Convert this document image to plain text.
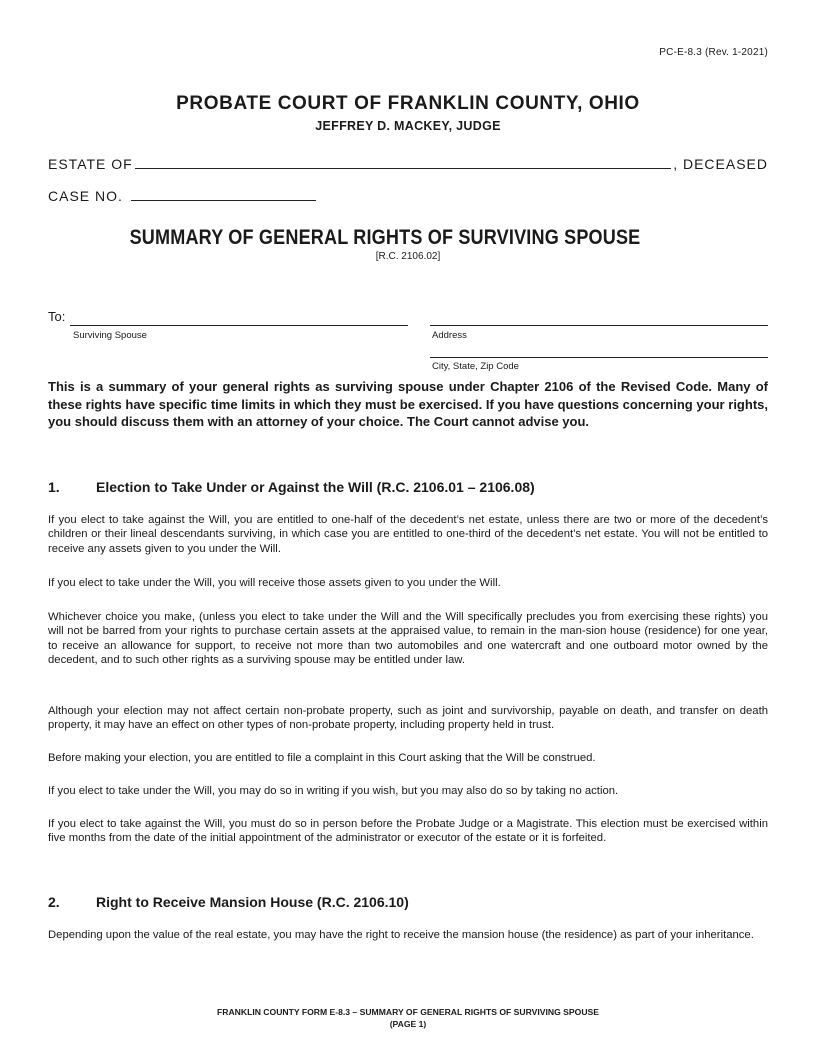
PC-E-8.3 (Rev. 1-2021)
PROBATE COURT OF FRANKLIN COUNTY, OHIO
JEFFREY D. MACKEY, JUDGE
ESTATE OF	, DECEASED
CASE NO.
SUMMARY OF GENERAL RIGHTS OF SURVIVING SPOUSE
[R.C. 2106.02]
To:
Surviving Spouse	Address
City, State, Zip Code
This is a summary of your general rights as surviving spouse under Chapter 2106 of the Revised Code. Many of these rights have specific time limits in which they must be exercised. If you have questions concerning your rights, you should discuss them with an attorney of your choice. The Court cannot advise you.
1.	Election to Take Under or Against the Will (R.C. 2106.01 – 2106.08)
If you elect to take against the Will, you are entitled to one-half of the decedent’s net estate, unless there are two or more of the decedent’s children or their lineal descendants surviving, in which case you are entitled to one-third of the decedent’s net estate. You will not be entitled to receive any assets given to you under the Will.
If you elect to take under the Will, you will receive those assets given to you under the Will.
Whichever choice you make, (unless you elect to take under the Will and the Will specifically precludes you from exercising these rights) you will not be barred from your rights to purchase certain assets at the appraised value, to remain in the man-sion house (residence) for one year, to receive an allowance for support, to receive not more than two automobiles and one watercraft and one outboard motor owned by the decedent, and to such other rights as a surviving spouse may be entitled under law.
Although your election may not affect certain non-probate property, such as joint and survivorship, payable on death, and transfer on death property, it may have an effect on other types of non-probate property, including property held in trust.
Before making your election, you are entitled to file a complaint in this Court asking that the Will be construed.
If you elect to take under the Will, you may do so in writing if you wish, but you may also do so by taking no action.
If you elect to take against the Will, you must do so in person before the Probate Judge or a Magistrate. This election must be exercised within five months from the date of the initial appointment of the administrator or executor of the estate or it is forfeited.
2.	Right to Receive Mansion House (R.C. 2106.10)
Depending upon the value of the real estate, you may have the right to receive the mansion house (the residence) as part of your inheritance.
FRANKLIN COUNTY FORM E-8.3 – SUMMARY OF GENERAL RIGHTS OF SURVIVING SPOUSE
(PAGE 1)
